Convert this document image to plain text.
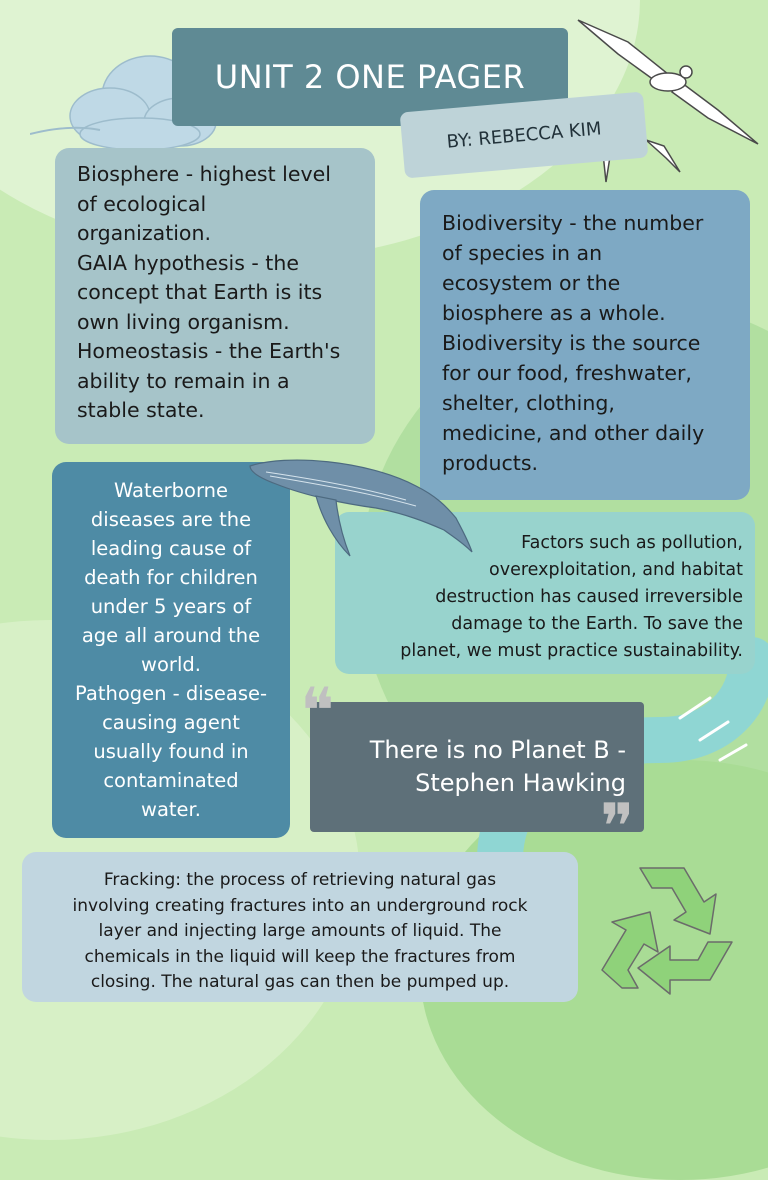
UNIT 2 ONE PAGER
BY: REBECCA KIM
Biosphere - highest level
of ecological
organization.
GAIA hypothesis - the
concept that Earth is its
own living organism.
Homeostasis - the Earth's
ability to remain in a
stable state.
Biodiversity - the number
of species in an
ecosystem or the
biosphere as a whole.
Biodiversity is the source
for our food, freshwater,
shelter, clothing,
medicine, and other daily
products.
Waterborne
diseases are the
leading cause of
death for children
under 5 years of
age all around the
world.
Pathogen - disease-
causing agent
usually found in
contaminated
water.
Factors such as pollution,
overexploitation, and habitat
destruction has caused irreversible
damage to the Earth. To save the
planet, we must practice sustainability.
There is no Planet B -
Stephen Hawking
❝
❞
Fracking: the process of retrieving natural gas
involving creating fractures into an underground rock
layer and injecting large amounts of liquid. The
chemicals in the liquid will keep the fractures from
closing. The natural gas can then be pumped up.
